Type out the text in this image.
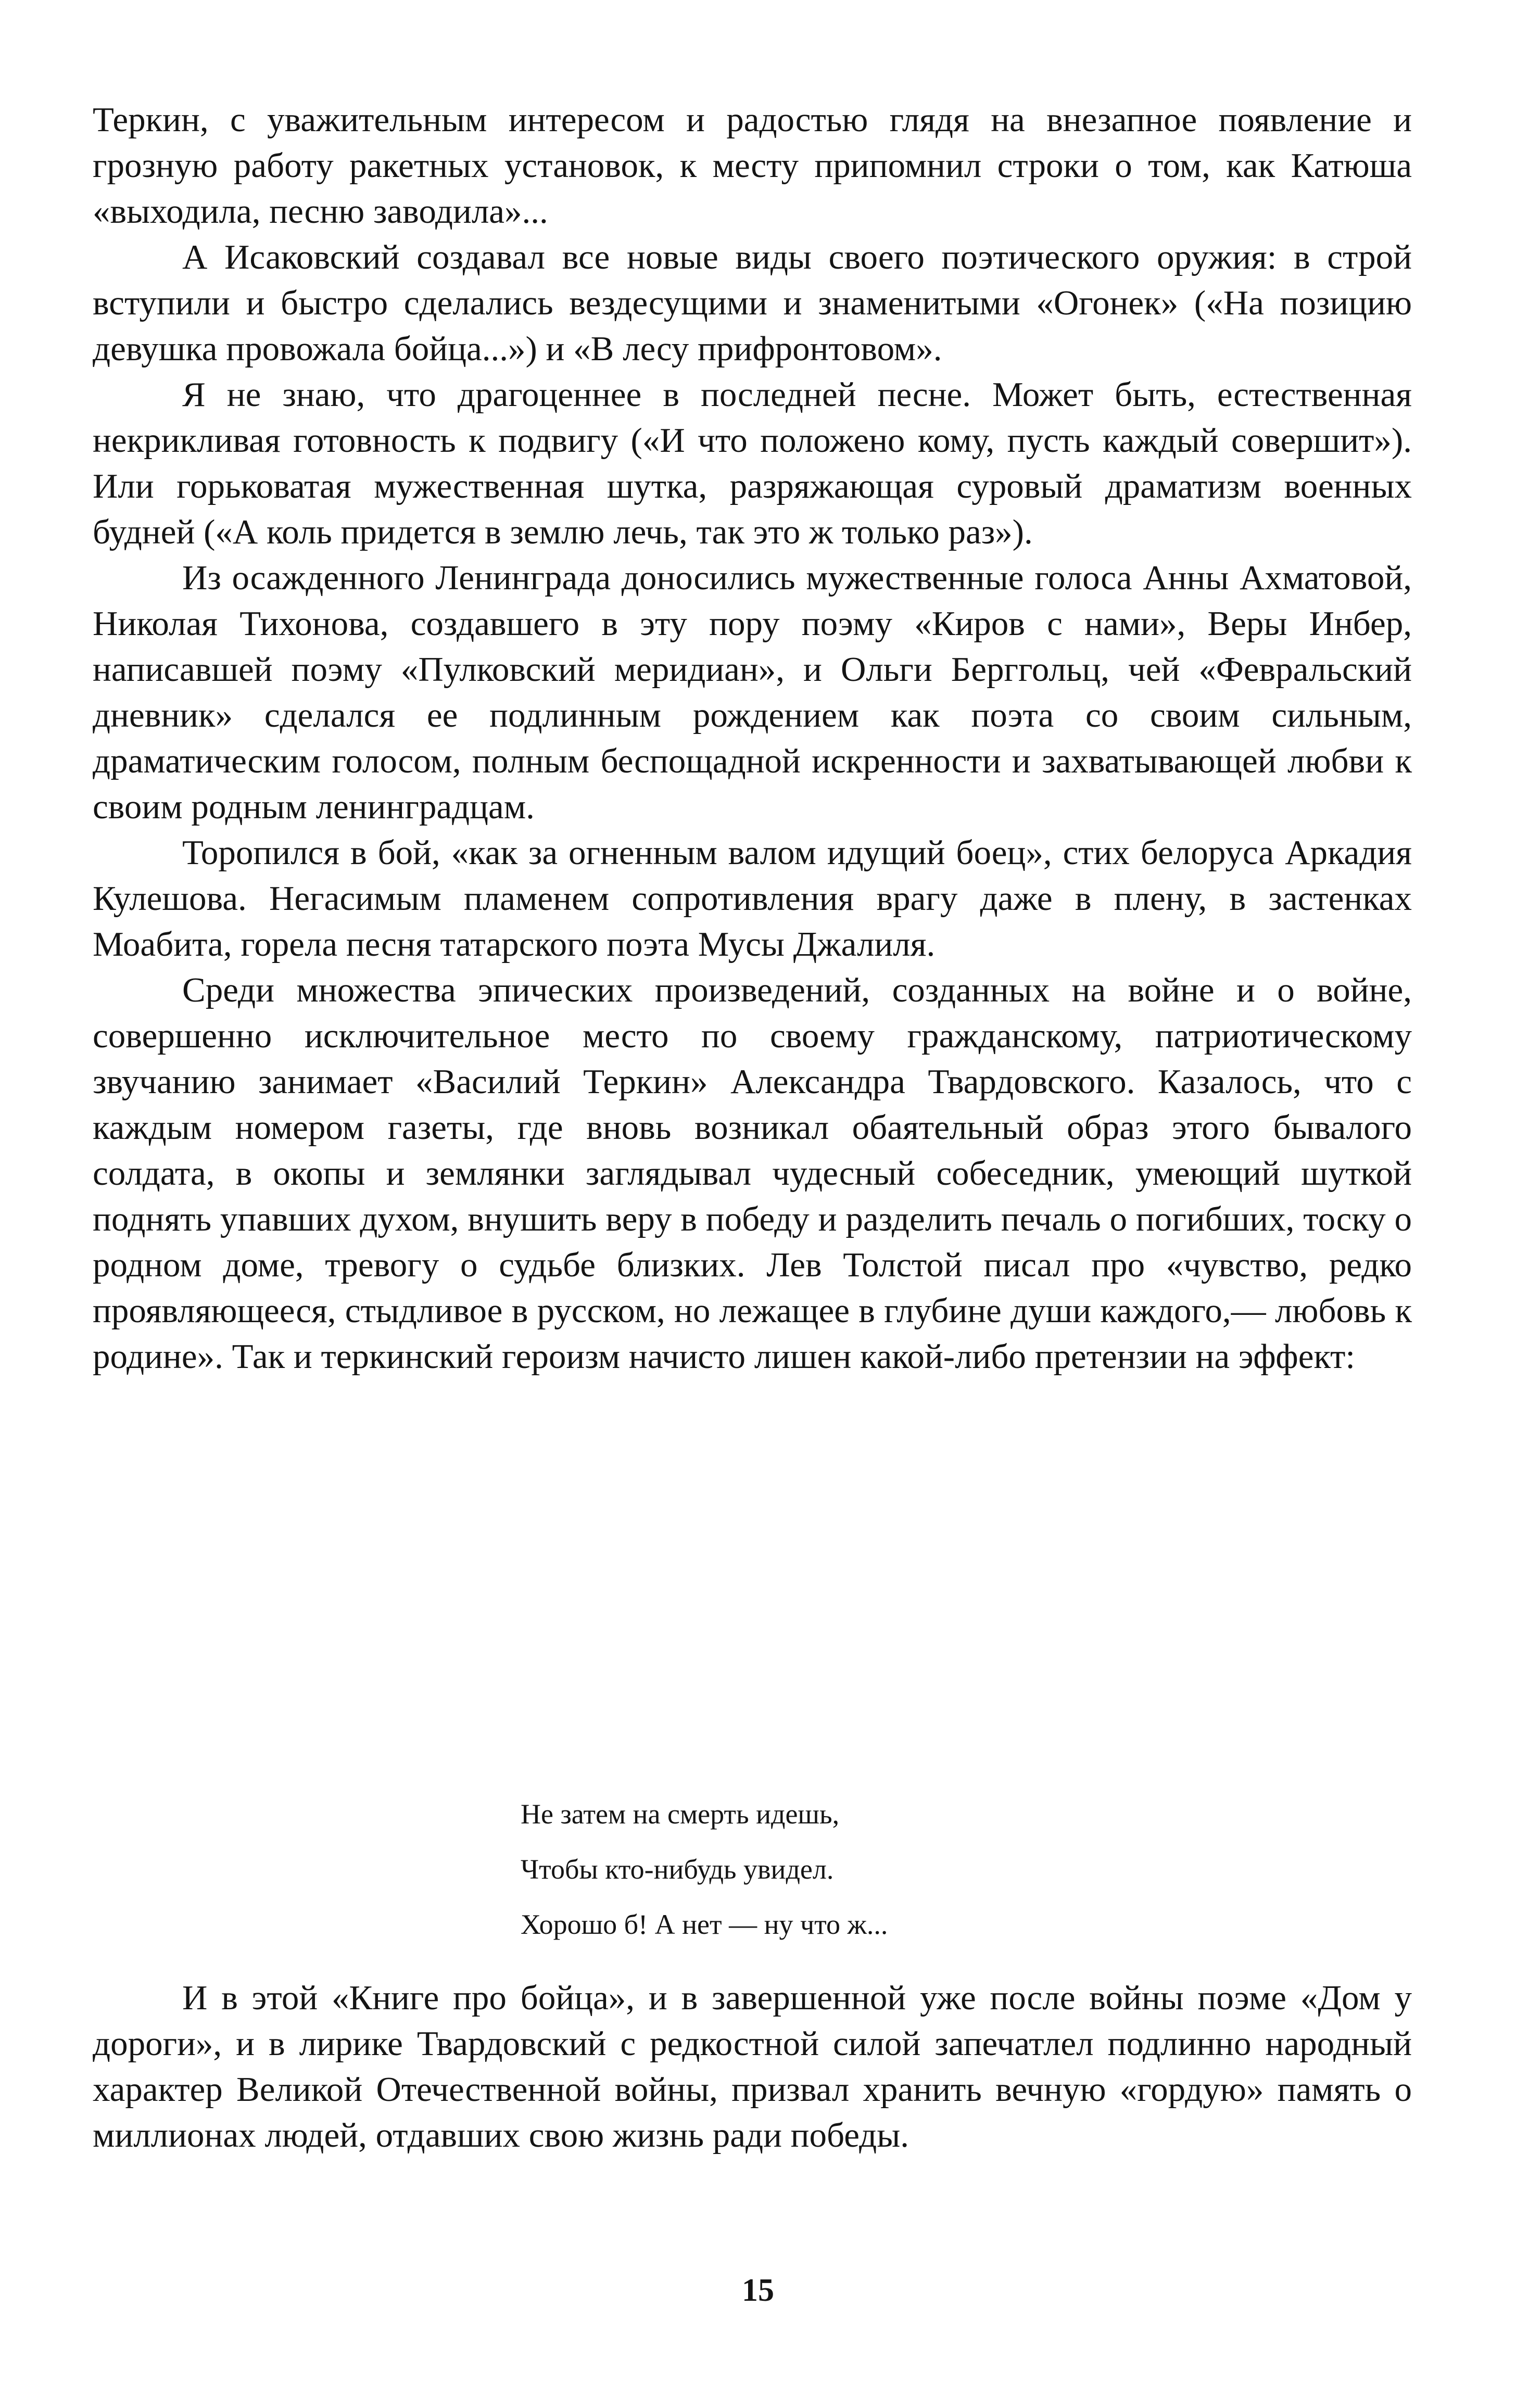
Теркин, с уважительным интересом и радостью глядя на внезапное появление и грозную работу ракетных установок, к месту припомнил строки о том, как Катюша «выходила, песню заводила»...

А Исаковский создавал все новые виды своего поэтического оружия: в строй вступили и быстро сделались вездесущими и знаменитыми «Огонек» («На позицию девушка провожала бойца...») и «В лесу прифронтовом».

Я не знаю, что драгоценнее в последней песне. Может быть, естественная некрикливая готовность к подвигу («И что положено кому, пусть каждый совершит»). Или горьковатая мужественная шутка, разряжающая суровый драматизм военных будней («А коль придется в землю лечь, так это ж только раз»).

Из осажденного Ленинграда доносились мужественные голоса Анны Ахматовой, Николая Тихонова, создавшего в эту пору поэму «Киров с нами», Веры Инбер, написавшей поэму «Пулковский меридиан», и Ольги Берггольц, чей «Февральский дневник» сделался ее подлинным рождением как поэта со своим сильным, драматическим голосом, полным беспощадной искренности и захватывающей любви к своим родным ленинградцам.

Торопился в бой, «как за огненным валом идущий боец», стих белоруса Аркадия Кулешова. Негасимым пламенем сопротивления врагу даже в плену, в застенках Моабита, горела песня татарского поэта Мусы Джалиля.

Среди множества эпических произведений, созданных на войне и о войне, совершенно исключительное место по своему гражданскому, патриотическому звучанию занимает «Василий Теркин» Александра Твардовского. Казалось, что с каждым номером газеты, где вновь возникал обаятельный образ этого бывалого солдата, в окопы и землянки заглядывал чудесный собеседник, умеющий шуткой поднять упавших духом, внушить веру в победу и разделить печаль о погибших, тоску о родном доме, тревогу о судьбе близких. Лев Толстой писал про «чувство, редко проявляющееся, стыдливое в русском, но лежащее в глубине души каждого,— любовь к родине». Так и теркинский героизм начисто лишен какой-либо претензии на эффект:

Не затем на смерть идешь,
Чтобы кто-нибудь увидел.
Хорошо б! А нет — ну что ж...

И в этой «Книге про бойца», и в завершенной уже после войны поэме «Дом у дороги», и в лирике Твардовский с редкостной силой запечатлел подлинно народный характер Великой Отечественной войны, призвал хранить вечную «гордую» память о миллионах людей, отдавших свою жизнь ради победы.

15
